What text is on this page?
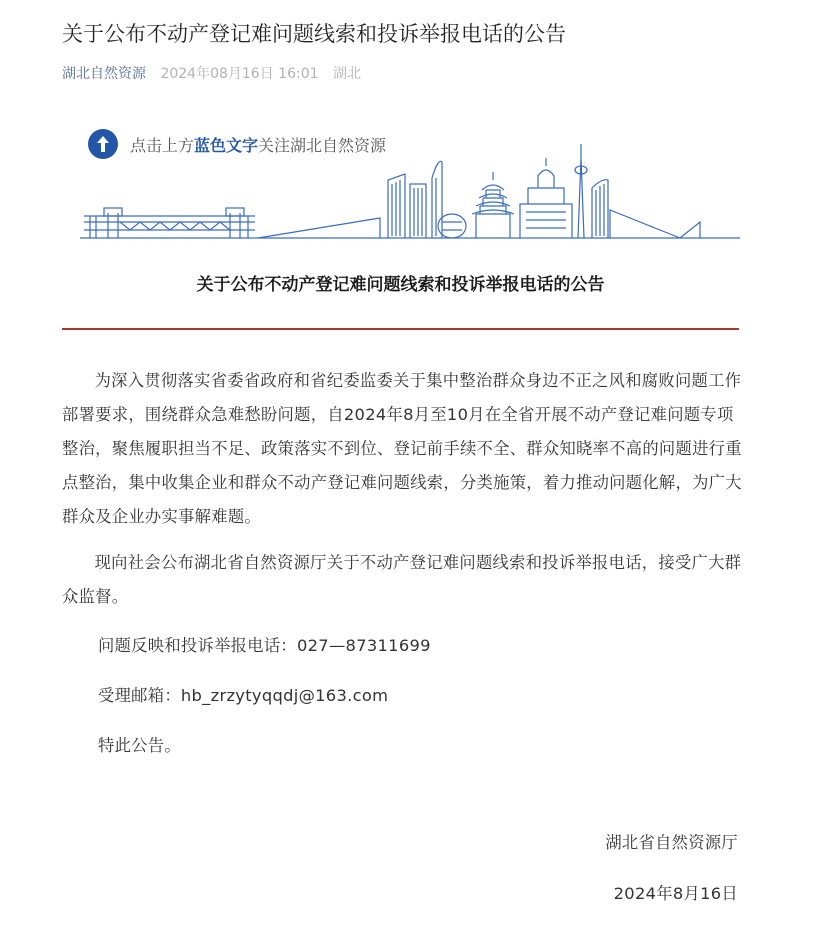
关于公布不动产登记难问题线索和投诉举报电话的公告
湖北自然资源 2024年08月16日 16:01 湖北
点击上方蓝色文字关注湖北自然资源
关于公布不动产登记难问题线索和投诉举报电话的公告

为深入贯彻落实省委省政府和省纪委监委关于集中整治群众身边不正之风和腐败问题工作部署要求，围绕群众急难愁盼问题，自2024年8月至10月在全省开展不动产登记难问题专项整治，聚焦履职担当不足、政策落实不到位、登记前手续不全、群众知晓率不高的问题进行重点整治，集中收集企业和群众不动产登记难问题线索，分类施策，着力推动问题化解，为广大群众及企业办实事解难题。

现向社会公布湖北省自然资源厅关于不动产登记难问题线索和投诉举报电话，接受广大群众监督。

问题反映和投诉举报电话：027—87311699
受理邮箱：hb_zrzytyqqdj@163.com
特此公告。
湖北省自然资源厅
2024年8月16日
